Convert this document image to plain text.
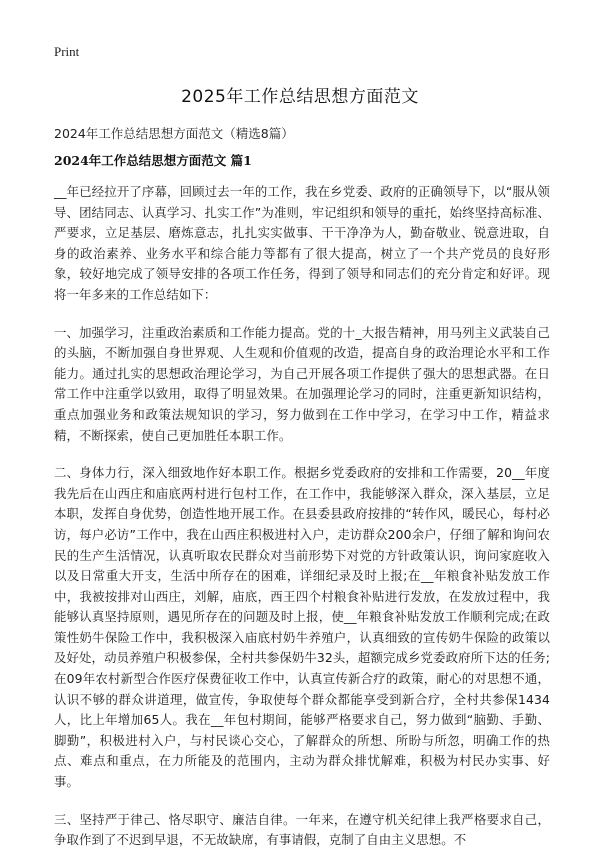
Print
2025年工作总结思想方面范文
2024年工作总结思想方面范文（精选8篇）
2024年工作总结思想方面范文 篇1

__年已经拉开了序幕，回顾过去一年的工作，我在乡党委、政府的正确领导下，以“服从领导、团结同志、认真学习、扎实工作”为准则，牢记组织和领导的重托，始终坚持高标准、严要求，立足基层、磨炼意志，扎扎实实做事、干干净净为人，勤奋敬业、锐意进取，自身的政治素养、业务水平和综合能力等都有了很大提高，树立了一个共产党员的良好形象，较好地完成了领导安排的各项工作任务，得到了领导和同志们的充分肯定和好评。现将一年多来的工作总结如下：

一、加强学习，注重政治素质和工作能力提高。党的十_大报告精神，用马列主义武装自己的头脑，不断加强自身世界观、人生观和价值观的改造，提高自身的政治理论水平和工作能力。通过扎实的思想政治理论学习，为自己开展各项工作提供了强大的思想武器。在日常工作中注重学以致用，取得了明显效果。在加强理论学习的同时，注重更新知识结构，重点加强业务和政策法规知识的学习，努力做到在工作中学习，在学习中工作，精益求精，不断探索，使自己更加胜任本职工作。

二、身体力行，深入细致地作好本职工作。根据乡党委政府的安排和工作需要，20__年度我先后在山西庄和庙底两村进行包村工作，在工作中，我能够深入群众，深入基层，立足本职，发挥自身优势，创造性地开展工作。在县委县政府按排的“转作风，暖民心，每村必访，每户必访”工作中，我在山西庄积极进村入户，走访群众200余户，仔细了解和询问农民的生产生活情况，认真听取农民群众对当前形势下对党的方针政策认识，询问家庭收入以及日常重大开支，生活中所存在的困难，详细纪录及时上报;在__年粮食补贴发放工作中，我被按排对山西庄，刘解，庙底，西王四个村粮食补贴进行发放，在发放过程中，我能够认真坚持原则，遇见所存在的问题及时上报，使__年粮食补贴发放工作顺利完成;在政策性奶牛保险工作中，我积极深入庙底村奶牛养殖户，认真细致的宣传奶牛保险的政策以及好处，动员养殖户积极参保，全村共参保奶牛32头，超额完成乡党委政府所下达的任务;在09年农村新型合作医疗保费征收工作中，认真宣传新合疗的政策，耐心的对思想不通，认识不够的群众讲道理，做宣传，争取使每个群众都能享受到新合疗，全村共参保1434人，比上年增加65人。我在__年包村期间，能够严格要求自己，努力做到“脑勤、手勤、脚勤”，积极进村入户，与村民谈心交心，了解群众的所想、所盼与所忽，明确工作的热点、难点和重点，在力所能及的范围内，主动为群众排忧解难，积极为村民办实事、好事。

三、坚持严于律己、恪尽职守、廉洁自律。一年来，在遵守机关纪律上我严格要求自己，争取作到了不迟到早退，不无故缺席，有事请假，克制了自由主义思想。不
